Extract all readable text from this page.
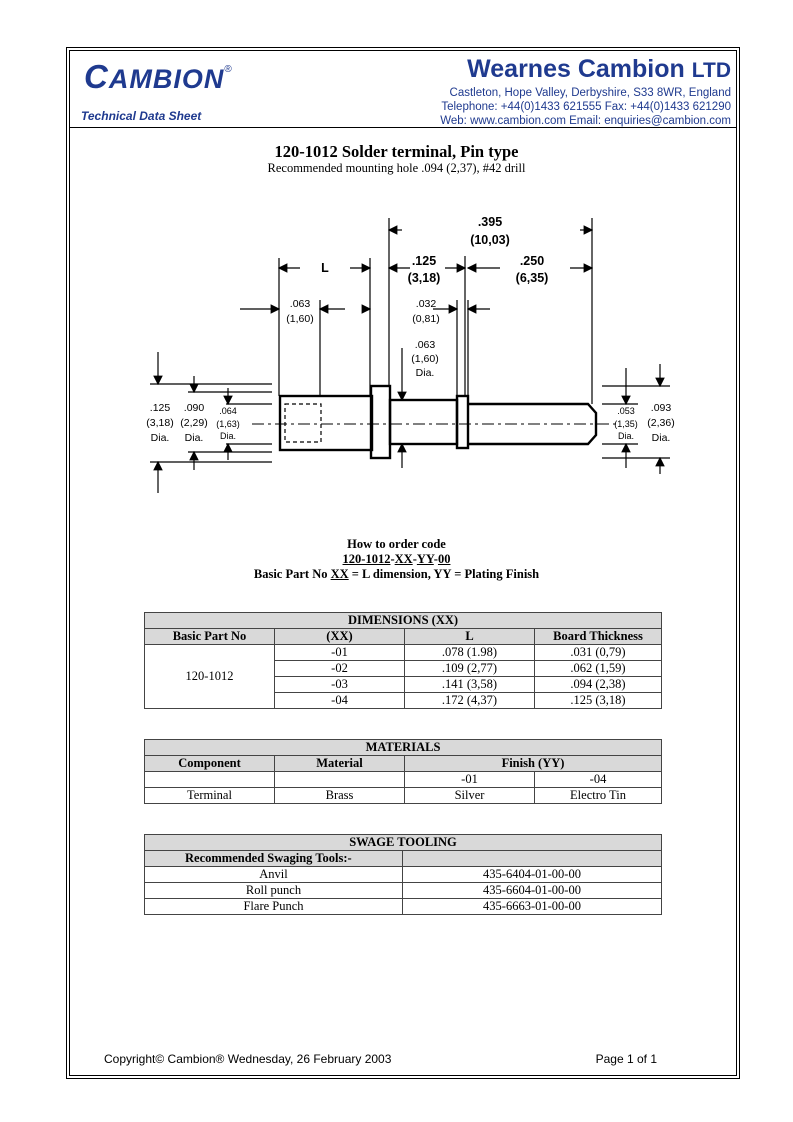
CAMBION®
Technical Data Sheet
Wearnes Cambion LTD
Castleton, Hope Valley, Derbyshire, S33 8WR, England
Telephone: +44(0)1433 621555 Fax: +44(0)1433 621290
Web: www.cambion.com Email: enquiries@cambion.com
120-1012 Solder terminal, Pin type
Recommended mounting hole .094 (2,37), #42 drill
.395
(10,03)
L	.125
(3,18)
.250
(6,35)
.063
(1,60)
.032
(0,81)
.063
(1,60)
Dia.
.125
(3,18)
Dia.
.090
(2,29)
Dia.
.064
(1,63)
Dia.
.053
(1,35)
Dia.
.093
(2,36)
Dia.
How to order code
120-1012-XX-YY-00
Basic Part No XX = L dimension, YY = Plating Finish
DIMENSIONS (XX)			
Basic Part No	(XX)	L	Board Thickness
120-1012	-01	.078 (1.98)	.031 (0,79)
	-02	.109 (2,77)	.062 (1,59)
	-03	.141 (3,58)	.094 (2,38)
	-04	.172 (4,37)	.125 (3,18)
MATERIALS			
Component	Material	Finish (YY)	
		-01	-04
Terminal	Brass	Silver	Electro Tin
SWAGE TOOLING	
Recommended Swaging Tools:-	
Anvil	435-6404-01-00-00
Roll punch	435-6604-01-00-00
Flare Punch	435-6663-01-00-00
Copyright© Cambion® Wednesday, 26 February 2003	Page 1 of 1
